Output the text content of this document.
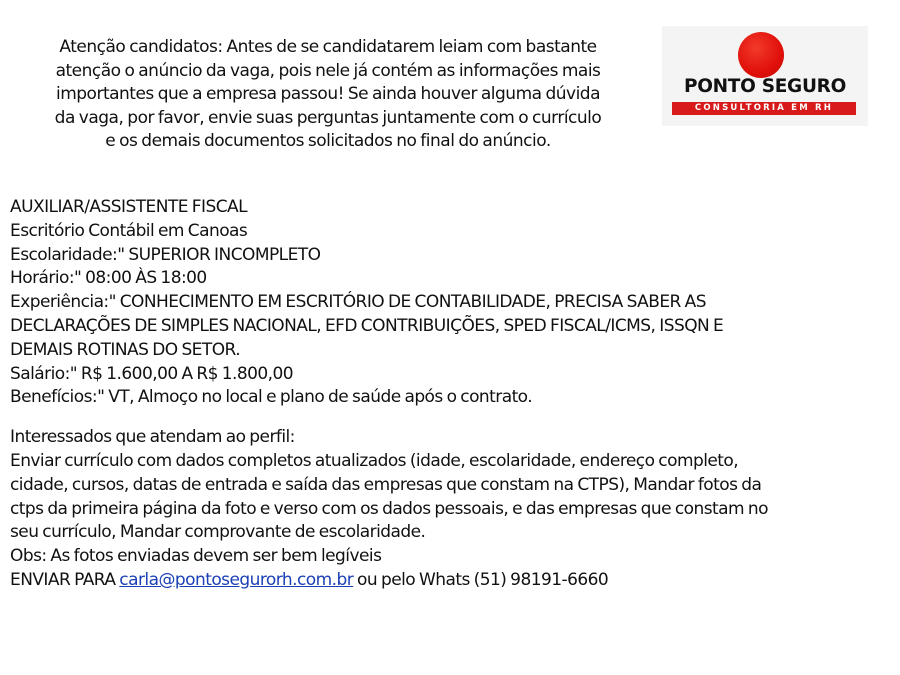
Atenção candidatos: Antes de se candidatarem leiam com bastante

atenção o anúncio da vaga, pois nele já contém as informações mais

importantes que a empresa passou! Se ainda houver alguma dúvida

da vaga, por favor, envie suas perguntas juntamente com o currículo

e os demais documentos solicitados no final do anúncio.

PONTO SEGURO
CONSULTORIA EM RH

AUXILIAR/ASSISTENTE FISCAL

Escritório Contábil em Canoas

Escolaridade:" SUPERIOR INCOMPLETO

Horário:" 08:00 ÀS 18:00

Experiência:" CONHECIMENTO EM ESCRITÓRIO DE CONTABILIDADE, PRECISA SABER AS

DECLARAÇÕES DE SIMPLES NACIONAL, EFD CONTRIBUIÇÕES, SPED FISCAL/ICMS, ISSQN E

DEMAIS ROTINAS DO SETOR.

Salário:" R$ 1.600,00 A R$ 1.800,00

Benefícios:" VT, Almoço no local e plano de saúde após o contrato.

Interessados que atendam ao perfil:

Enviar currículo com dados completos atualizados (idade, escolaridade, endereço completo,

cidade, cursos, datas de entrada e saída das empresas que constam na CTPS), Mandar fotos da

ctps da primeira página da foto e verso com os dados pessoais, e das empresas que constam no

seu currículo, Mandar comprovante de escolaridade.

Obs: As fotos enviadas devem ser bem legíveis

ENVIAR PARA carla@pontosegurorh.com.br ou pelo Whats (51) 98191-6660
